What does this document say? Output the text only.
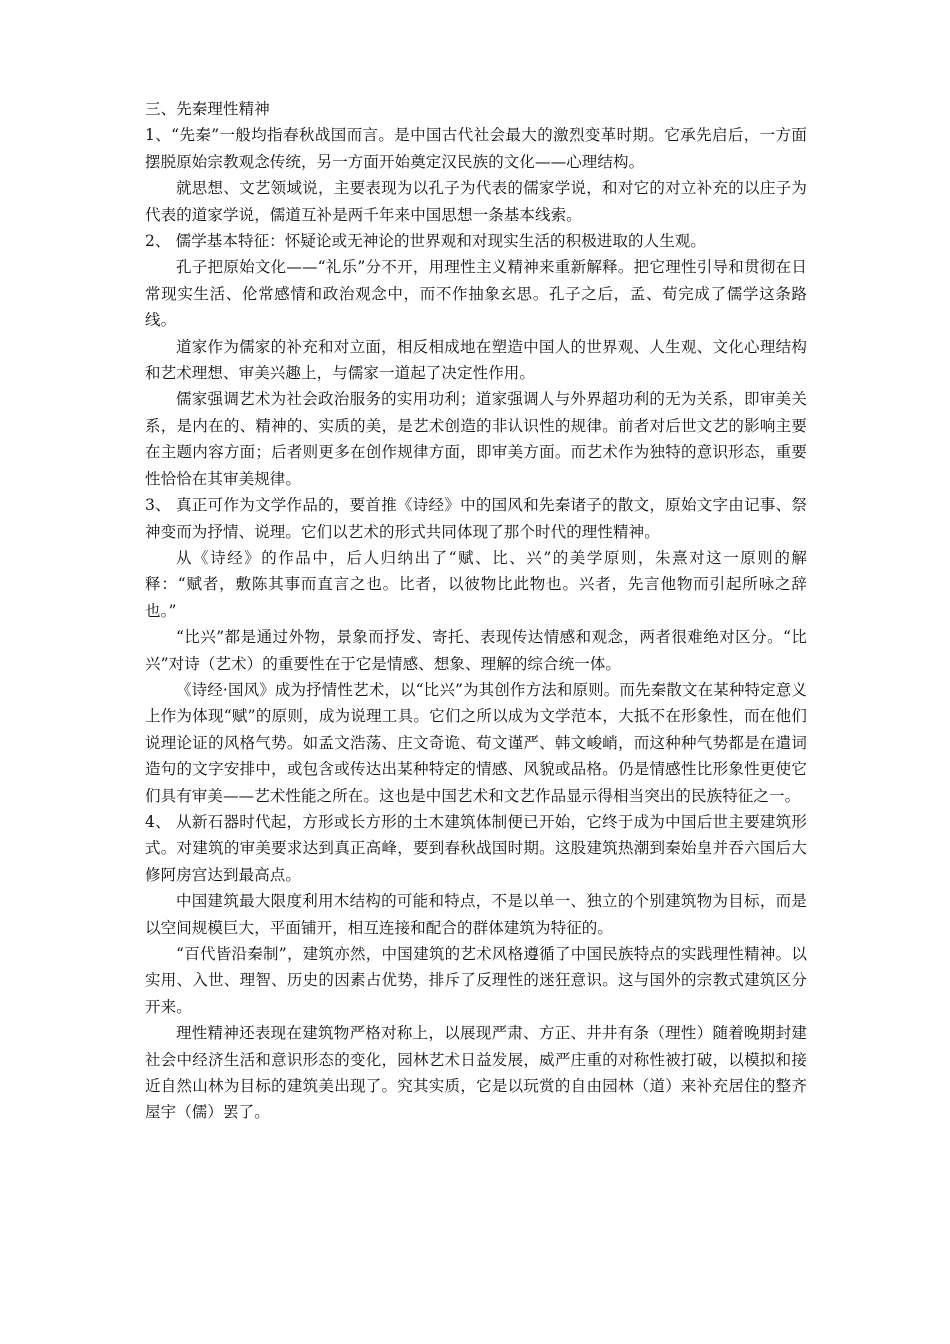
三、先秦理性精神

1、“先秦”一般均指春秋战国而言。是中国古代社会最大的激烈变革时期。它承先启后，一方面摆脱原始宗教观念传统，另一方面开始奠定汉民族的文化——心理结构。

就思想、文艺领域说，主要表现为以孔子为代表的儒家学说，和对它的对立补充的以庄子为代表的道家学说，儒道互补是两千年来中国思想一条基本线索。

2、 儒学基本特征：怀疑论或无神论的世界观和对现实生活的积极进取的人生观。

孔子把原始文化——“礼乐”分不开，用理性主义精神来重新解释。把它理性引导和贯彻在日常现实生活、伦常感情和政治观念中，而不作抽象玄思。孔子之后，孟、荀完成了儒学这条路线。

道家作为儒家的补充和对立面，相反相成地在塑造中国人的世界观、人生观、文化心理结构和艺术理想、审美兴趣上，与儒家一道起了决定性作用。

儒家强调艺术为社会政治服务的实用功利；道家强调人与外界超功利的无为关系，即审美关系，是内在的、精神的、实质的美，是艺术创造的非认识性的规律。前者对后世文艺的影响主要在主题内容方面；后者则更多在创作规律方面，即审美方面。而艺术作为独特的意识形态，重要性恰恰在其审美规律。

3、 真正可作为文学作品的，要首推《诗经》中的国风和先秦诸子的散文，原始文字由记事、祭神变而为抒情、说理。它们以艺术的形式共同体现了那个时代的理性精神。

从《诗经》的作品中，后人归纳出了“赋、比、兴”的美学原则，朱熹对这一原则的解释：“赋者，敷陈其事而直言之也。比者，以彼物比此物也。兴者，先言他物而引起所咏之辞也。”

“比兴”都是通过外物，景象而抒发、寄托、表现传达情感和观念，两者很难绝对区分。“比兴”对诗（艺术）的重要性在于它是情感、想象、理解的综合统一体。

《诗经·国风》成为抒情性艺术，以“比兴”为其创作方法和原则。而先秦散文在某种特定意义上作为体现“赋”的原则，成为说理工具。它们之所以成为文学范本，大抵不在形象性，而在他们说理论证的风格气势。如孟文浩荡、庄文奇诡、荀文谨严、韩文峻峭，而这种种气势都是在遣词造句的文字安排中，或包含或传达出某种特定的情感、风貌或品格。仍是情感性比形象性更使它们具有审美——艺术性能之所在。这也是中国艺术和文艺作品显示得相当突出的民族特征之一。

4、 从新石器时代起，方形或长方形的土木建筑体制便已开始，它终于成为中国后世主要建筑形式。对建筑的审美要求达到真正高峰，要到春秋战国时期。这股建筑热潮到秦始皇并吞六国后大修阿房宫达到最高点。

中国建筑最大限度利用木结构的可能和特点，不是以单一、独立的个别建筑物为目标，而是以空间规模巨大，平面铺开，相互连接和配合的群体建筑为特征的。

“百代皆沿秦制”，建筑亦然，中国建筑的艺术风格遵循了中国民族特点的实践理性精神。以实用、入世、理智、历史的因素占优势，排斥了反理性的迷狂意识。这与国外的宗教式建筑区分开来。

理性精神还表现在建筑物严格对称上，以展现严肃、方正、井井有条（理性）随着晚期封建社会中经济生活和意识形态的变化，园林艺术日益发展，威严庄重的对称性被打破，以模拟和接近自然山林为目标的建筑美出现了。究其实质，它是以玩赏的自由园林（道）来补充居住的整齐屋宇（儒）罢了。
